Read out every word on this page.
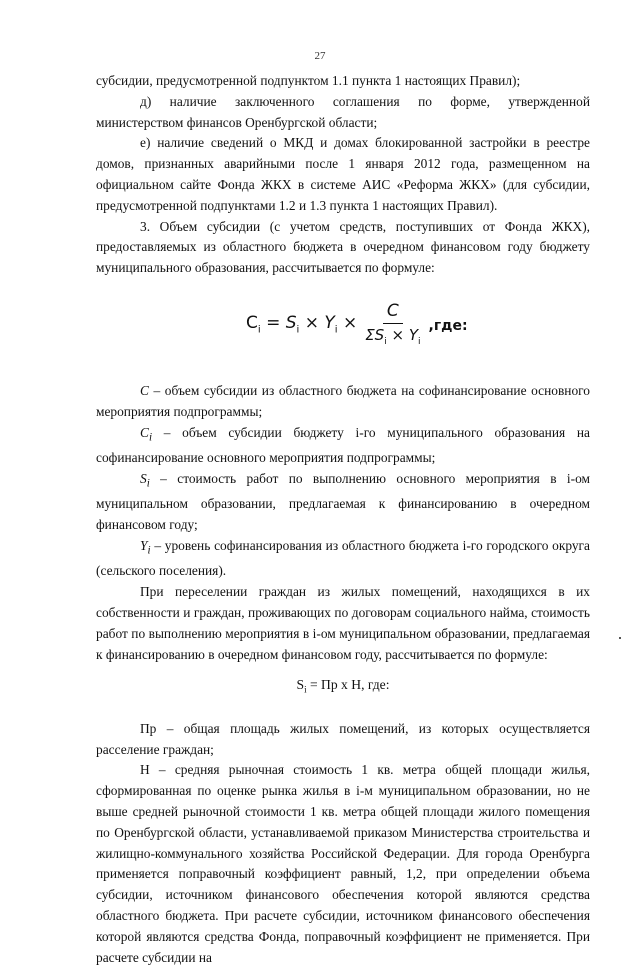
27

субсидии, предусмотренной подпунктом 1.1 пункта 1 настоящих Правил);

д) наличие заключенного соглашения по форме, утвержденной министерством финансов Оренбургской области;

е) наличие сведений о МКД и домах блокированной застройки в реестре домов, признанных аварийными после 1 января 2012 года, размещенном на официальном сайте Фонда ЖКХ в системе АИС «Реформа ЖКХ» (для субсидии, предусмотренной подпунктами 1.2 и 1.3 пункта 1 настоящих Правил).

3. Объем субсидии (с учетом средств, поступивших от Фонда ЖКХ), предоставляемых из областного бюджета в очередном финансовом году бюджету муниципального образования, рассчитывается по формуле:

$C_i = S_i \times Y_i \times \frac{C}{\Sigma S_i \times Y_i} ,где$:

C – объем субсидии из областного бюджета на софинансирование основного мероприятия подпрограммы;

$C_i$ – объем субсидии бюджету i-го муниципального образования на софинансирование основного мероприятия подпрограммы;

$S_i$ – стоимость работ по выполнению основного мероприятия в i-ом муниципальном образовании, предлагаемая к финансированию в очередном финансовом году;

$Y_i$ – уровень софинансирования из областного бюджета i-го городского округа (сельского поселения).

При переселении граждан из жилых помещений, находящихся в их собственности и граждан, проживающих по договорам социального найма, стоимость работ по выполнению мероприятия в i-ом муниципальном образовании, предлагаемая к финансированию в очередном финансовом году, рассчитывается по формуле:

$S_i$ = Пр х Н, где:

Пр – общая площадь жилых помещений, из которых осуществляется расселение граждан;

Н – средняя рыночная стоимость 1 кв. метра общей площади жилья, сформированная по оценке рынка жилья в i-м муниципальном образовании, но не выше средней рыночной стоимости 1 кв. метра общей площади жилого помещения по Оренбургской области, устанавливаемой приказом Министерства строительства и жилищно-коммунального хозяйства Российской Федерации. Для города Оренбурга применяется поправочный коэффициент равный, 1,2, при определении объема субсидии, источником финансового обеспечения которой являются средства областного бюджета. При расчете субсидии, источником финансового обеспечения которой являются средства Фонда, поправочный коэффициент не применяется. При расчете субсидии на
